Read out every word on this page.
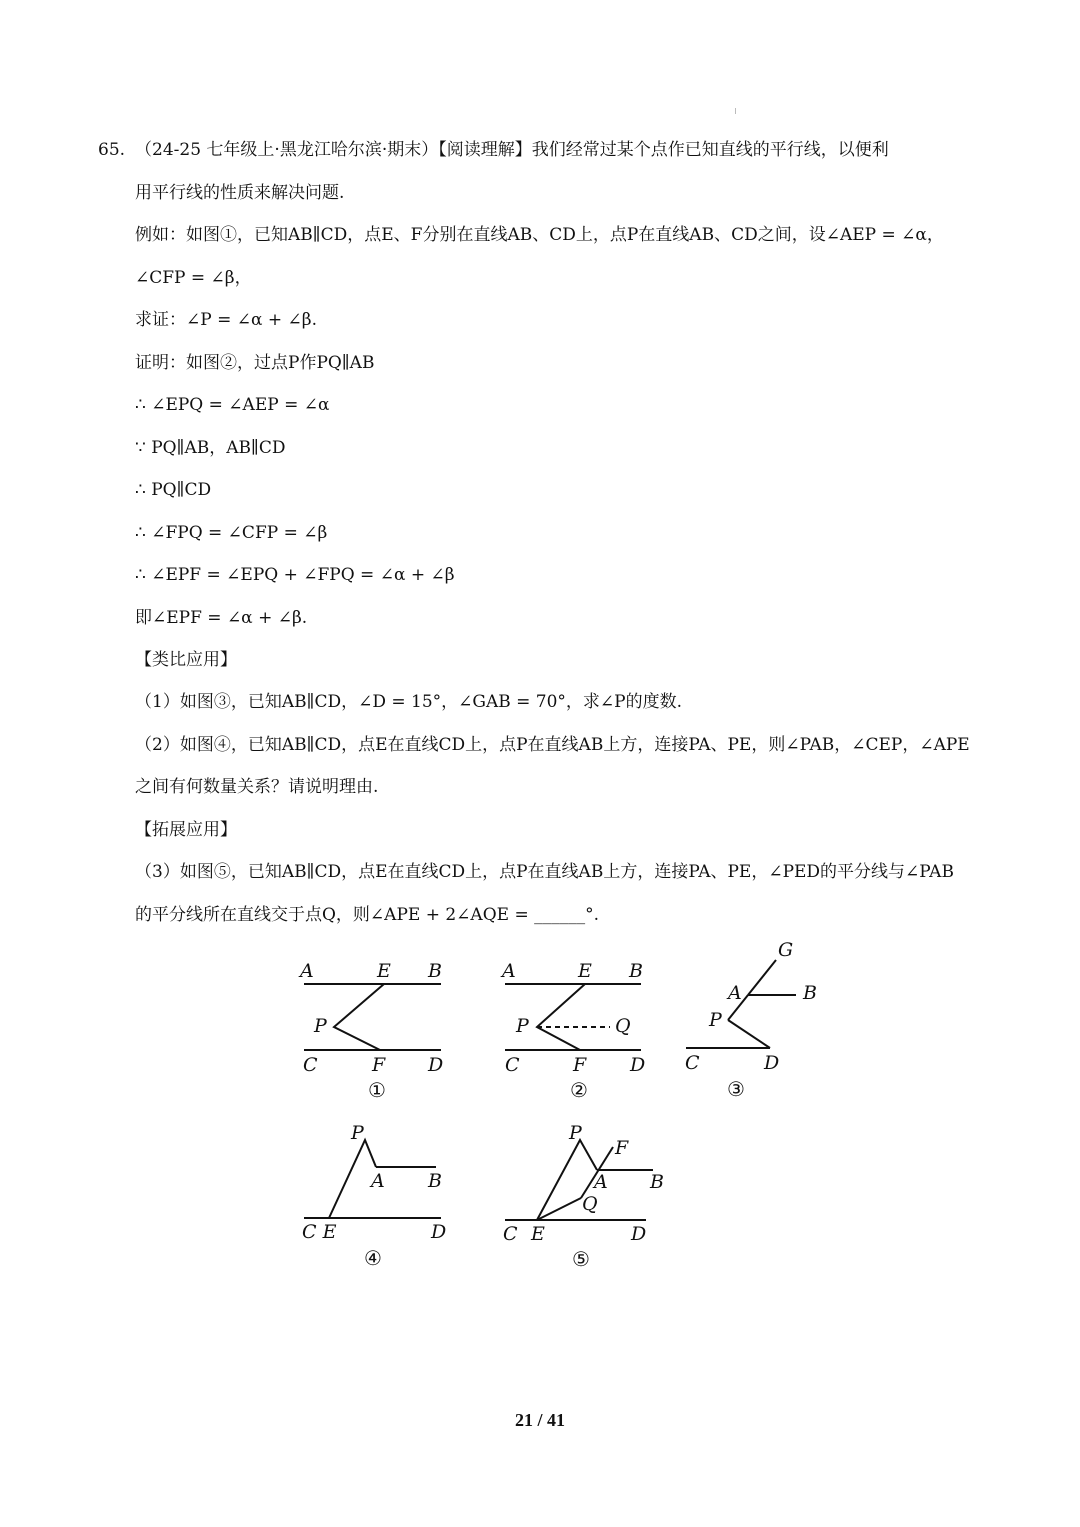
65. （24-25 七年级上·黑龙江哈尔滨·期末）【阅读理解】我们经常过某个点作已知直线的平行线，以便利
用平行线的性质来解决问题.
例如：如图①，已知AB∥CD，点E、F分别在直线AB、CD上，点P在直线AB、CD之间，设∠AEP = ∠α，
∠CFP = ∠β，
求证：∠P = ∠α + ∠β.
证明：如图②，过点P作PQ∥AB
∴ ∠EPQ = ∠AEP = ∠α
∵ PQ∥AB，AB∥CD
∴ PQ∥CD
∴ ∠FPQ = ∠CFP = ∠β
∴ ∠EPF = ∠EPQ + ∠FPQ = ∠α + ∠β
即∠EPF = ∠α + ∠β.
【类比应用】
（1）如图③，已知AB∥CD，∠D = 15°，∠GAB = 70°，求∠P的度数.
（2）如图④，已知AB∥CD，点E在直线CD上，点P在直线AB上方，连接PA、PE，则∠PAB，∠CEP，∠APE
之间有何数量关系？请说明理由.
【拓展应用】
（3）如图⑤，已知AB∥CD，点E在直线CD上，点P在直线AB上方，连接PA、PE，∠PED的平分线与∠PAB
的平分线所在直线交于点Q，则∠APE + 2∠AQE = ______°.
A	E B
P
C	F D
①
A	E B
P	Q
C	F D
②
G
A	B
P
C	D
③
P
A B
C E	D
④
P
F
A B
Q
C E	D
⑤
21 / 41
